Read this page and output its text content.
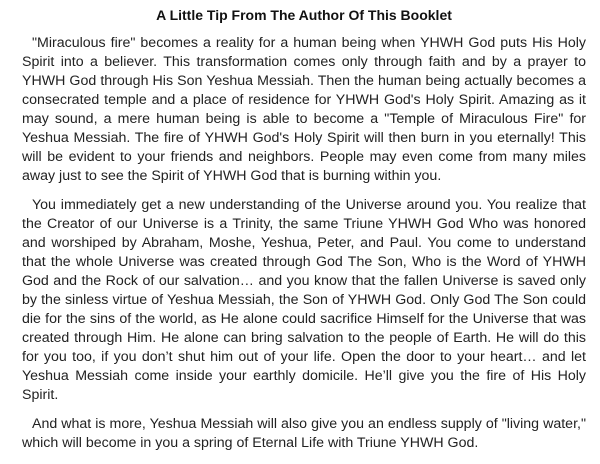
A Little Tip From The Author Of This Booklet

"Miraculous fire" becomes a reality for a human being when YHWH God puts His Holy Spirit into a believer. This transformation comes only through faith and by a prayer to YHWH God through His Son Yeshua Messiah. Then the human being actually becomes a consecrated temple and a place of residence for YHWH God's Holy Spirit. Amazing as it may sound, a mere human being is able to become a "Temple of Miraculous Fire" for Yeshua Messiah. The fire of YHWH God's Holy Spirit will then burn in you eternally! This will be evident to your friends and neighbors. People may even come from many miles away just to see the Spirit of YHWH God that is burning within you.

You immediately get a new understanding of the Universe around you. You realize that the Creator of our Universe is a Trinity, the same Triune YHWH God Who was honored and worshiped by Abraham, Moshe, Yeshua, Peter, and Paul. You come to understand that the whole Universe was created through God The Son, Who is the Word of YHWH God and the Rock of our salvation… and you know that the fallen Universe is saved only by the sinless virtue of Yeshua Messiah, the Son of YHWH God. Only God The Son could die for the sins of the world, as He alone could sacrifice Himself for the Universe that was created through Him. He alone can bring salvation to the people of Earth. He will do this for you too, if you don’t shut him out of your life. Open the door to your heart… and let Yeshua Messiah come inside your earthly domicile. He’ll give you the fire of His Holy Spirit.

And what is more, Yeshua Messiah will also give you an endless supply of "living water," which will become in you a spring of Eternal Life with Triune YHWH God.
